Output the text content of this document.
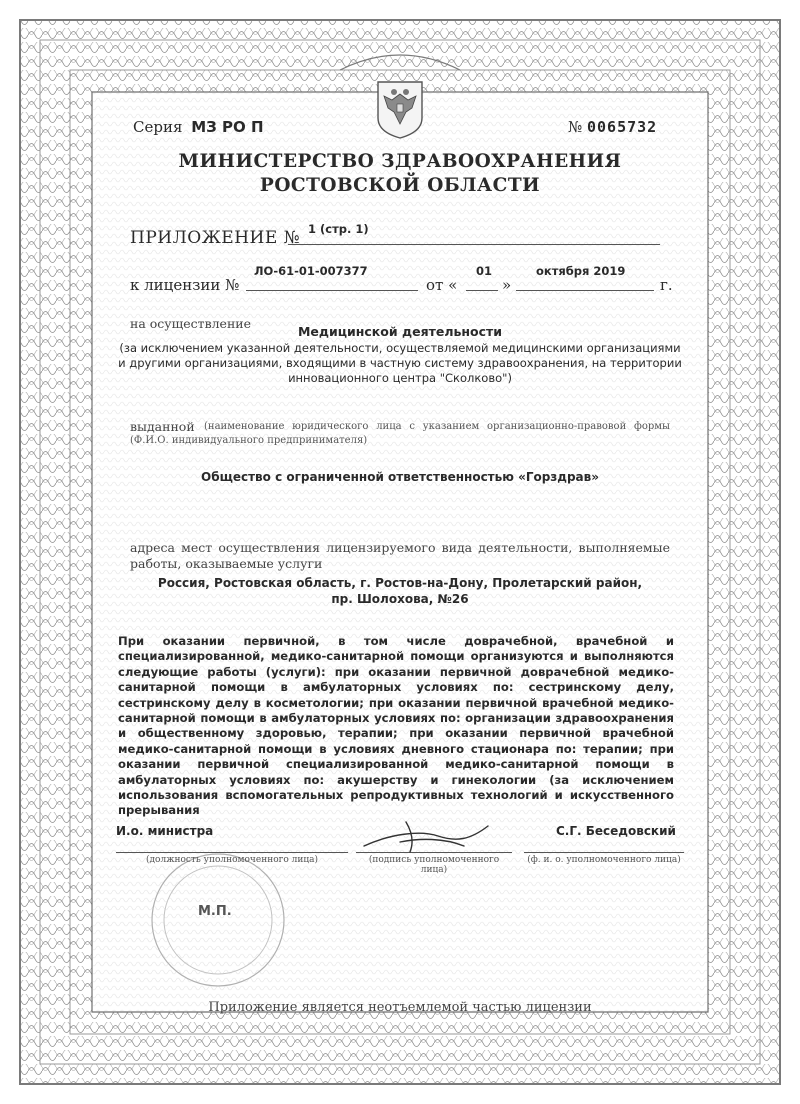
Серия МЗ РО П	№ 0065732
МИНИСТЕРСТВО ЗДРАВООХРАНЕНИЯ
РОСТОВСКОЙ ОБЛАСТИ
ПРИЛОЖЕНИЕ № 1 (стр. 1)
к лицензии №
ЛО-61-01-007377
от «
01
»
октября 2019
г.
на осуществление
Медицинской деятельности
(за исключением указанной деятельности, осуществляемой медицинскими организациями и другими организациями, входящими в частную систему здравоохранения, на территории инновационного центра "Сколково")
выданной (наименование юридического лица с указанием организационно-правовой формы (Ф.И.О. индивидуального предпринимателя)
Общество с ограниченной ответственностью «Горздрав»
адреса мест осуществления лицензируемого вида деятельности, выполняемые работы, оказываемые услуги
Россия, Ростовская область, г. Ростов-на-Дону, Пролетарский район,
пр. Шолохова, №26
При оказании первичной, в том числе доврачебной, врачебной и специализированной, медико-санитарной помощи организуются и выполняются следующие работы (услуги): при оказании первичной доврачебной медико-санитарной помощи в амбулаторных условиях по: сестринскому делу, сестринскому делу в косметологии; при оказании первичной врачебной медико-санитарной помощи в амбулаторных условиях по: организации здравоохранения и общественному здоровью, терапии; при оказании первичной врачебной медико-санитарной помощи в условиях дневного стационара по: терапии; при оказании первичной специализированной медико-санитарной помощи в амбулаторных условиях по: акушерству и гинекологии (за исключением использования вспомогательных репродуктивных технологий и искусственного прерывания
И.о. министра	С.Г. Беседовский
(должность уполномоченного лица)	(подпись уполномоченного лица)
(ф. и. о. уполномоченного лица)
М.П.
Приложение является неотъемлемой частью лицензии
